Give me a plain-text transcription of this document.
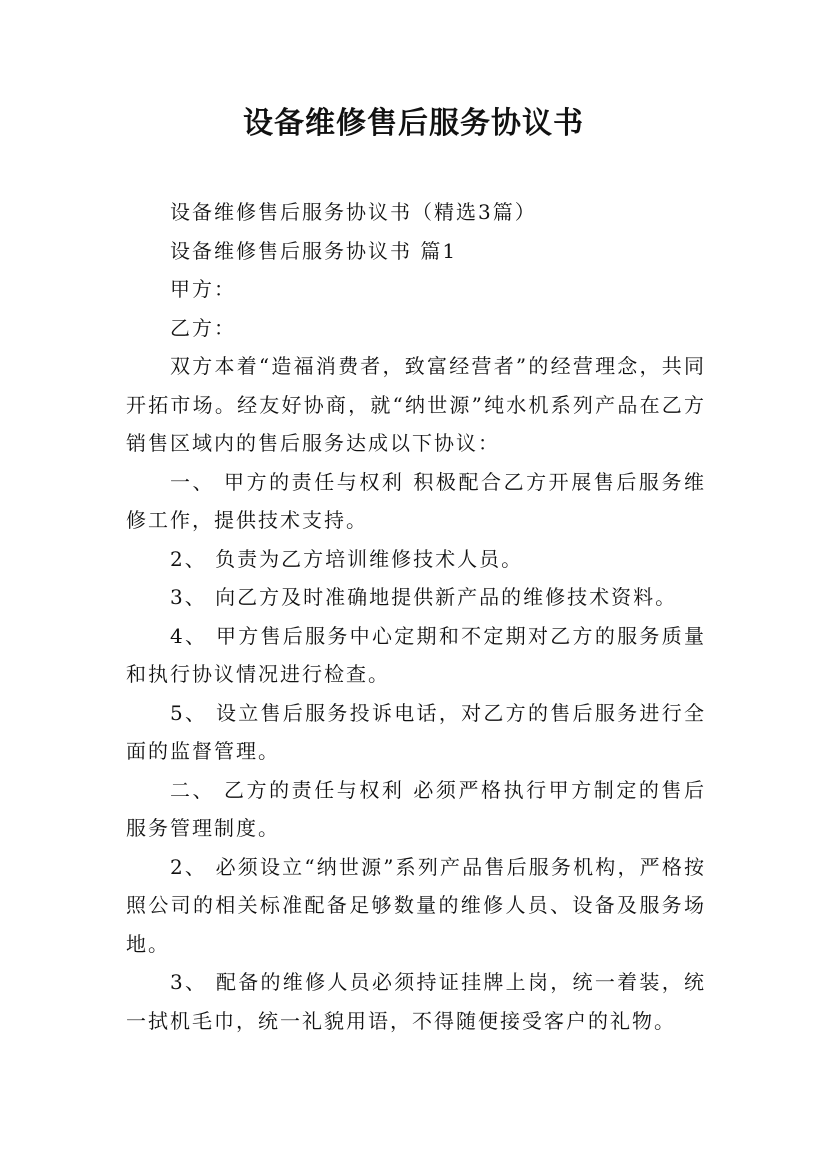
设备维修售后服务协议书

设备维修售后服务协议书（精选3篇）

设备维修售后服务协议书 篇1

甲方：

乙方：

双方本着“造福消费者，致富经营者”的经营理念，共同开拓市场。经友好协商，就“纳世源”纯水机系列产品在乙方销售区域内的售后服务达成以下协议：

一、 甲方的责任与权利 积极配合乙方开展售后服务维修工作，提供技术支持。

2、 负责为乙方培训维修技术人员。

3、 向乙方及时准确地提供新产品的维修技术资料。

4、 甲方售后服务中心定期和不定期对乙方的服务质量和执行协议情况进行检查。

5、 设立售后服务投诉电话，对乙方的售后服务进行全面的监督管理。

二、 乙方的责任与权利 必须严格执行甲方制定的售后服务管理制度。

2、 必须设立“纳世源”系列产品售后服务机构，严格按照公司的相关标准配备足够数量的维修人员、设备及服务场地。

3、 配备的维修人员必须持证挂牌上岗，统一着装，统一拭机毛巾，统一礼貌用语，不得随便接受客户的礼物。
